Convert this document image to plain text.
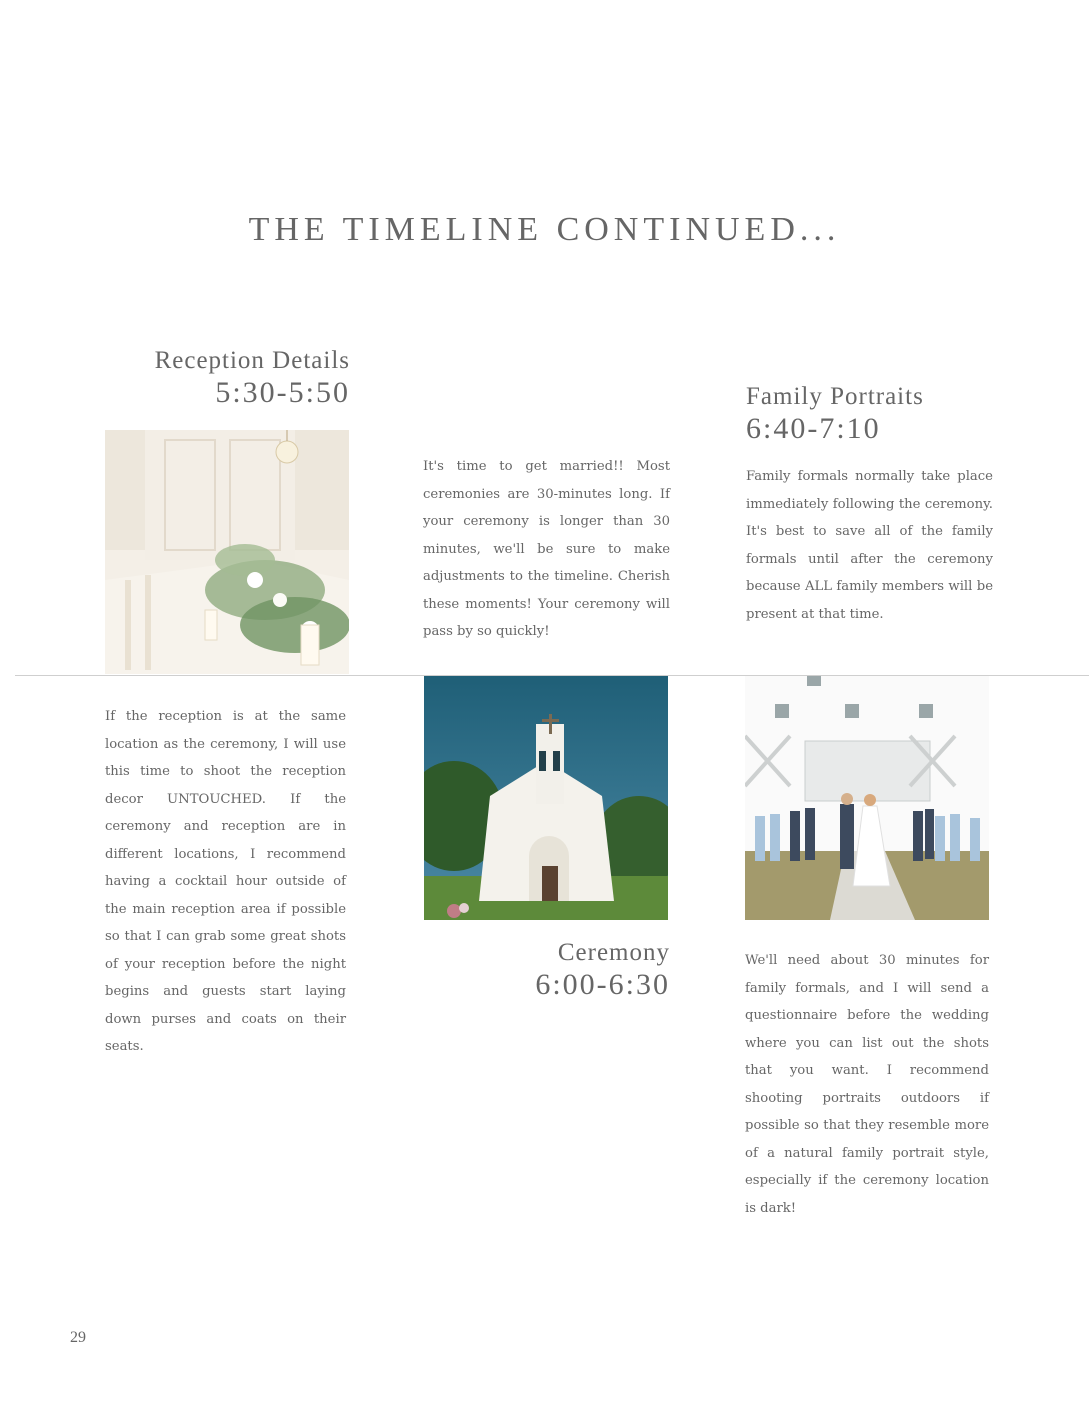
THE TIMELINE CONTINUED...
Reception Details
5:30-5:50
If the reception is at the same location as the ceremony, I will use this time to shoot the reception decor UNTOUCHED. If the ceremony and reception are in different locations, I recommend having a cocktail hour outside of the main reception area if possible so that I can grab some great shots of your reception before the night begins and guests start laying down purses and coats on their seats.
It's time to get married!! Most ceremonies are 30-minutes long. If your ceremony is longer than 30 minutes, we'll be sure to make adjustments to the timeline. Cherish these moments! Your ceremony will pass by so quickly!
Ceremony
6:00-6:30
Family Portraits
6:40-7:10
Family formals normally take place immediately following the ceremony. It's best to save all of the family formals until after the ceremony because ALL family members will be present at that time.
We'll need about 30 minutes for family formals, and I will send a questionnaire before the wedding where you can list out the shots that you want. I recommend shooting portraits outdoors if possible so that they resemble more of a natural family portrait style, especially if the ceremony location is dark!
29
